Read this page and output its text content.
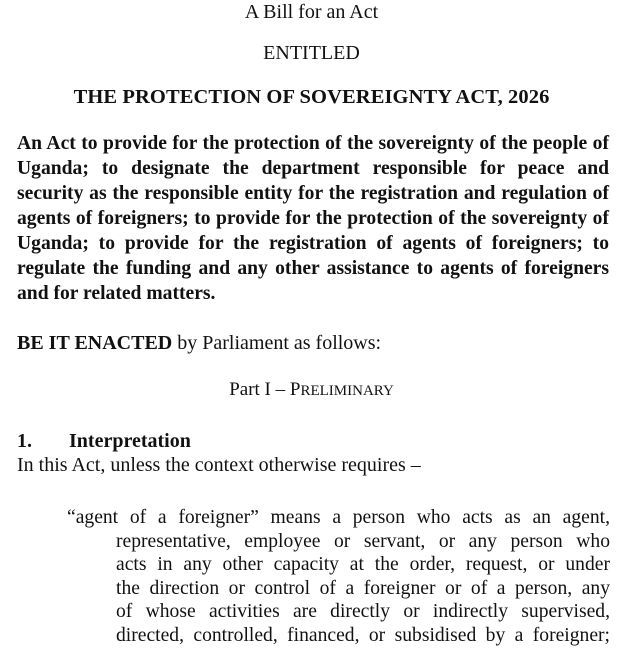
A Bill for an Act
ENTITLED
THE PROTECTION OF SOVEREIGNTY ACT, 2026
An Act to provide for the protection of the sovereignty of the people of Uganda; to designate the department responsible for peace and security as the responsible entity for the registration and regulation of agents of foreigners; to provide for the protection of the sovereignty of Uganda; to provide for the registration of agents of foreigners; to regulate the funding and any other assistance to agents of foreigners and for related matters.
BE IT ENACTED by Parliament as follows:
Part I – PRELIMINARY
1. Interpretation
In this Act, unless the context otherwise requires –
“agent of a foreigner” means a person who acts as an agent,
representative, employee or servant, or any person who
acts in any other capacity at the order, request, or under
the direction or control of a foreigner or of a person, any
of whose activities are directly or indirectly supervised,
directed, controlled, financed, or subsidised by a foreigner;
